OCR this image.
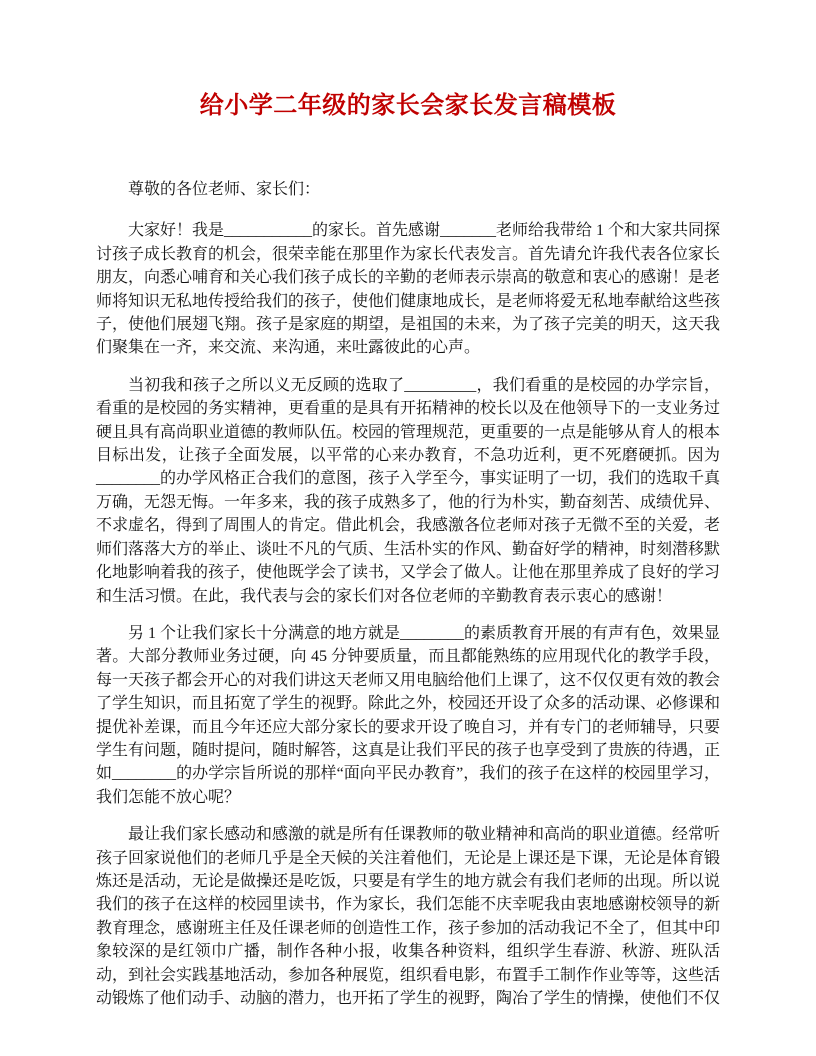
给小学二年级的家长会家长发言稿模板

尊敬的各位老师、家长们：

大家好！我是___________的家长。首先感谢_______老师给我带给 1 个和大家共同探讨孩子成长教育的机会，很荣幸能在那里作为家长代表发言。首先请允许我代表各位家长朋友，向悉心哺育和关心我们孩子成长的辛勤的老师表示崇高的敬意和衷心的感谢！是老师将知识无私地传授给我们的孩子，使他们健康地成长，是老师将爱无私地奉献给这些孩子，使他们展翅飞翔。孩子是家庭的期望，是祖国的未来，为了孩子完美的明天，这天我们聚集在一齐，来交流、来沟通，来吐露彼此的心声。

当初我和孩子之所以义无反顾的选取了_________，我们看重的是校园的办学宗旨，看重的是校园的务实精神，更看重的是具有开拓精神的校长以及在他领导下的一支业务过硬且具有高尚职业道德的教师队伍。校园的管理规范，更重要的一点是能够从育人的根本目标出发，让孩子全面发展，以平常的心来办教育，不急功近利，更不死磨硬抓。因为________的办学风格正合我们的意图，孩子入学至今，事实证明了一切，我们的选取千真万确，无怨无悔。一年多来，我的孩子成熟多了，他的行为朴实，勤奋刻苦、成绩优异、不求虚名，得到了周围人的肯定。借此机会，我感激各位老师对孩子无微不至的关爱，老师们落落大方的举止、谈吐不凡的气质、生活朴实的作风、勤奋好学的精神，时刻潜移默化地影响着我的孩子，使他既学会了读书，又学会了做人。让他在那里养成了良好的学习和生活习惯。在此，我代表与会的家长们对各位老师的辛勤教育表示衷心的感谢！

另 1 个让我们家长十分满意的地方就是________的素质教育开展的有声有色，效果显著。大部分教师业务过硬，向 45 分钟要质量，而且都能熟练的应用现代化的教学手段，每一天孩子都会开心的对我们讲这天老师又用电脑给他们上课了，这不仅仅更有效的教会了学生知识，而且拓宽了学生的视野。除此之外，校园还开设了众多的活动课、必修课和提优补差课，而且今年还应大部分家长的要求开设了晚自习，并有专门的老师辅导，只要学生有问题，随时提问，随时解答，这真是让我们平民的孩子也享受到了贵族的待遇，正如________的办学宗旨所说的那样“面向平民办教育”，我们的孩子在这样的校园里学习，我们怎能不放心呢？

最让我们家长感动和感激的就是所有任课教师的敬业精神和高尚的职业道德。经常听孩子回家说他们的老师几乎是全天候的关注着他们，无论是上课还是下课，无论是体育锻炼还是活动，无论是做操还是吃饭，只要是有学生的地方就会有我们老师的出现。所以说我们的孩子在这样的校园里读书，作为家长，我们怎能不庆幸呢我由衷地感谢校领导的新教育理念，感谢班主任及任课老师的创造性工作，孩子参加的活动我记不全了，但其中印象较深的是红领巾广播，制作各种小报，收集各种资料，组织学生春游、秋游、班队活动，到社会实践基地活动，参加各种展览，组织看电影，布置手工制作作业等等，这些活动锻炼了他们动手、动脑的潜力，也开拓了学生的视野，陶冶了学生的情操，使他们不仅
